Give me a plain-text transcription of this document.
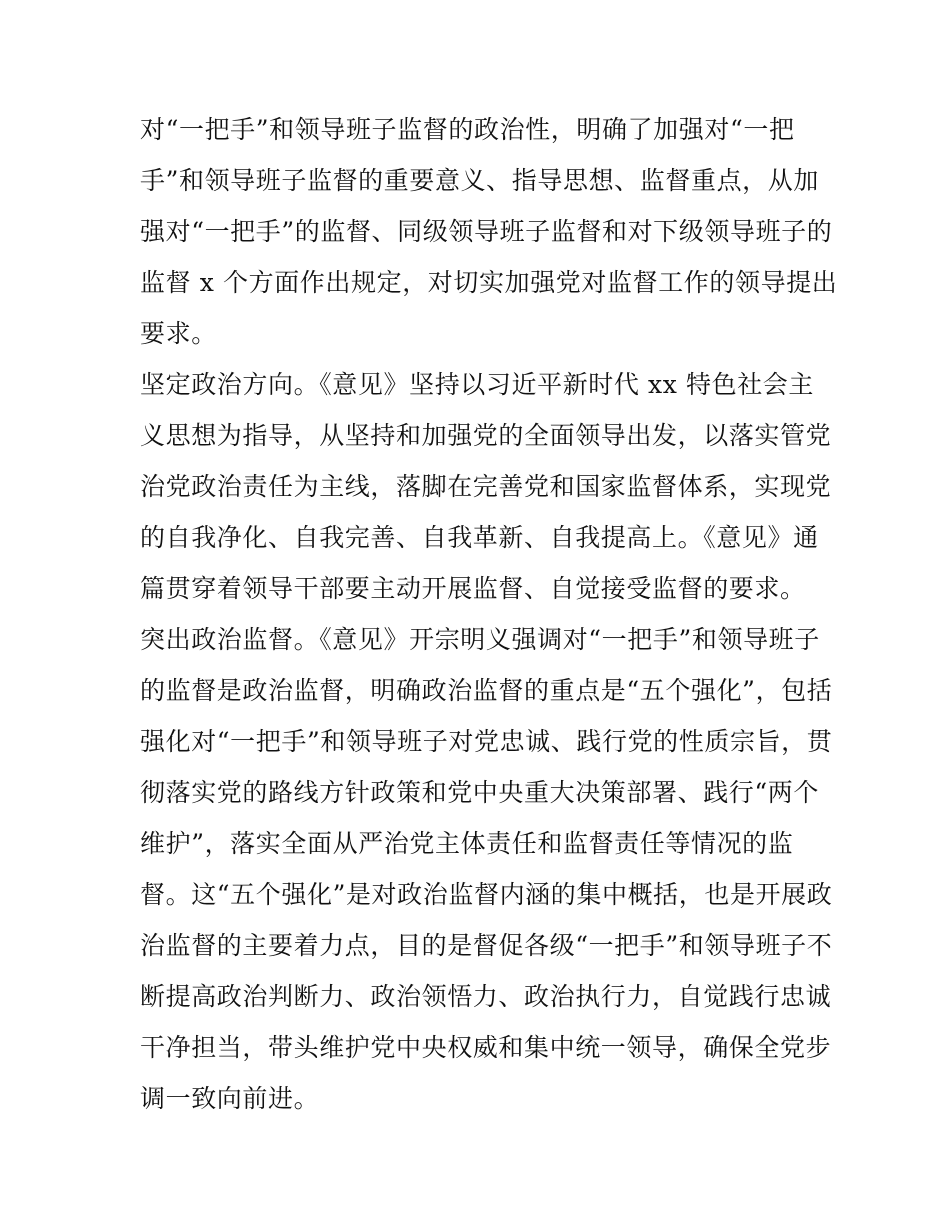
对“一把手”和领导班子监督的政治性，明确了加强对“一把
手”和领导班子监督的重要意义、指导思想、监督重点，从加
强对“一把手”的监督、同级领导班子监督和对下级领导班子的
监督 x 个方面作出规定，对切实加强党对监督工作的领导提出
要求。
坚定政治方向。《意见》坚持以习近平新时代 xx 特色社会主
义思想为指导，从坚持和加强党的全面领导出发，以落实管党
治党政治责任为主线，落脚在完善党和国家监督体系，实现党
的自我净化、自我完善、自我革新、自我提高上。《意见》通
篇贯穿着领导干部要主动开展监督、自觉接受监督的要求。
突出政治监督。《意见》开宗明义强调对“一把手”和领导班子
的监督是政治监督，明确政治监督的重点是“五个强化”，包括
强化对“一把手”和领导班子对党忠诚、践行党的性质宗旨，贯
彻落实党的路线方针政策和党中央重大决策部署、践行“两个
维护”，落实全面从严治党主体责任和监督责任等情况的监
督。这“五个强化”是对政治监督内涵的集中概括，也是开展政
治监督的主要着力点，目的是督促各级“一把手”和领导班子不
断提高政治判断力、政治领悟力、政治执行力，自觉践行忠诚
干净担当，带头维护党中央权威和集中统一领导，确保全党步
调一致向前进。
